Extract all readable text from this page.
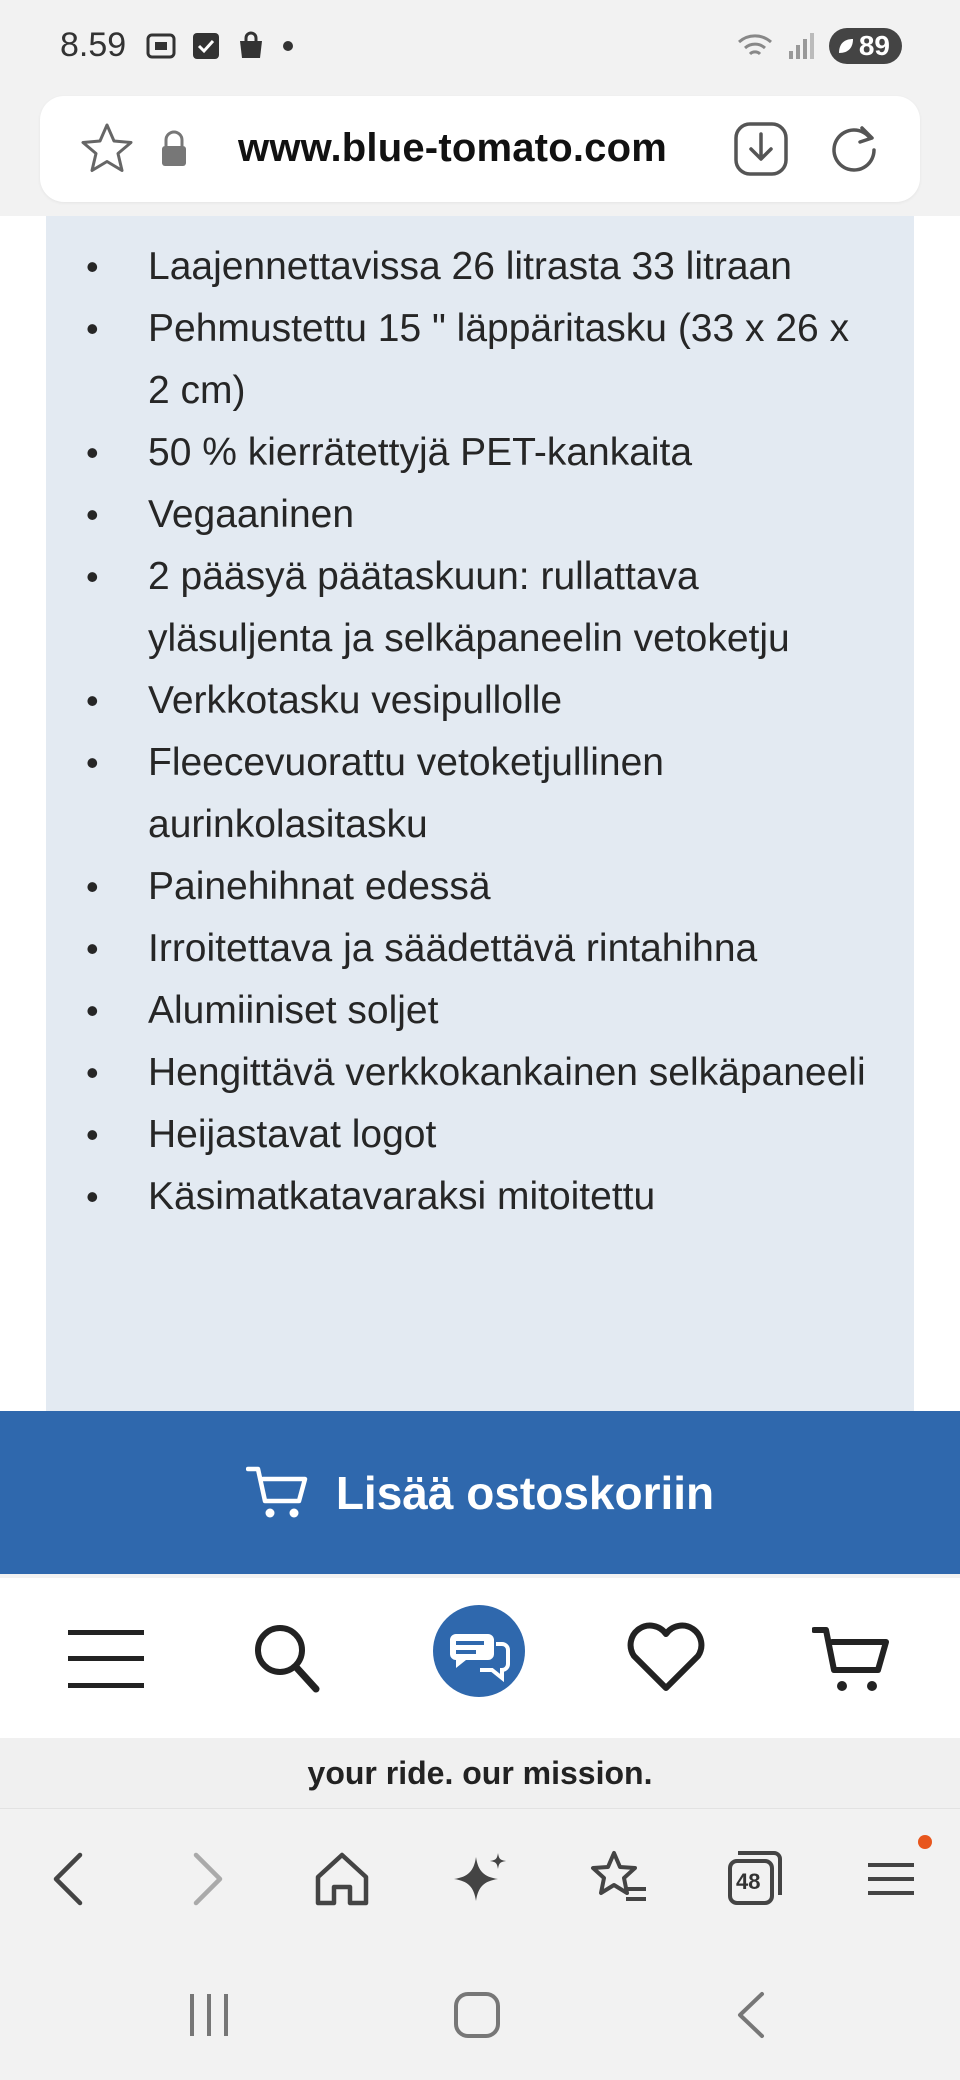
8.59	89
www.blue-tomato.com
• Laajennettavissa 26 litrasta 33 litraan
• Pehmustettu 15 " läppäritasku (33 x 26 x 2 cm)
• 50 % kierrätettyjä PET-kankaita
• Vegaaninen
• 2 pääsyä päätaskuun: rullattava yläsuljenta ja selkäpaneelin vetoketju
• Verkkotasku vesipullolle
• Fleecevuorattu vetoketjullinen aurinkolasitasku
• Painehihnat edessä
• Irroitettava ja säädettävä rintahihna
• Alumiiniset soljet
• Hengittävä verkkokankainen selkäpaneeli
• Heijastavat logot
• Käsimatkatavaraksi mitoitettu
Lisää ostoskoriin
your ride. our mission.
48
